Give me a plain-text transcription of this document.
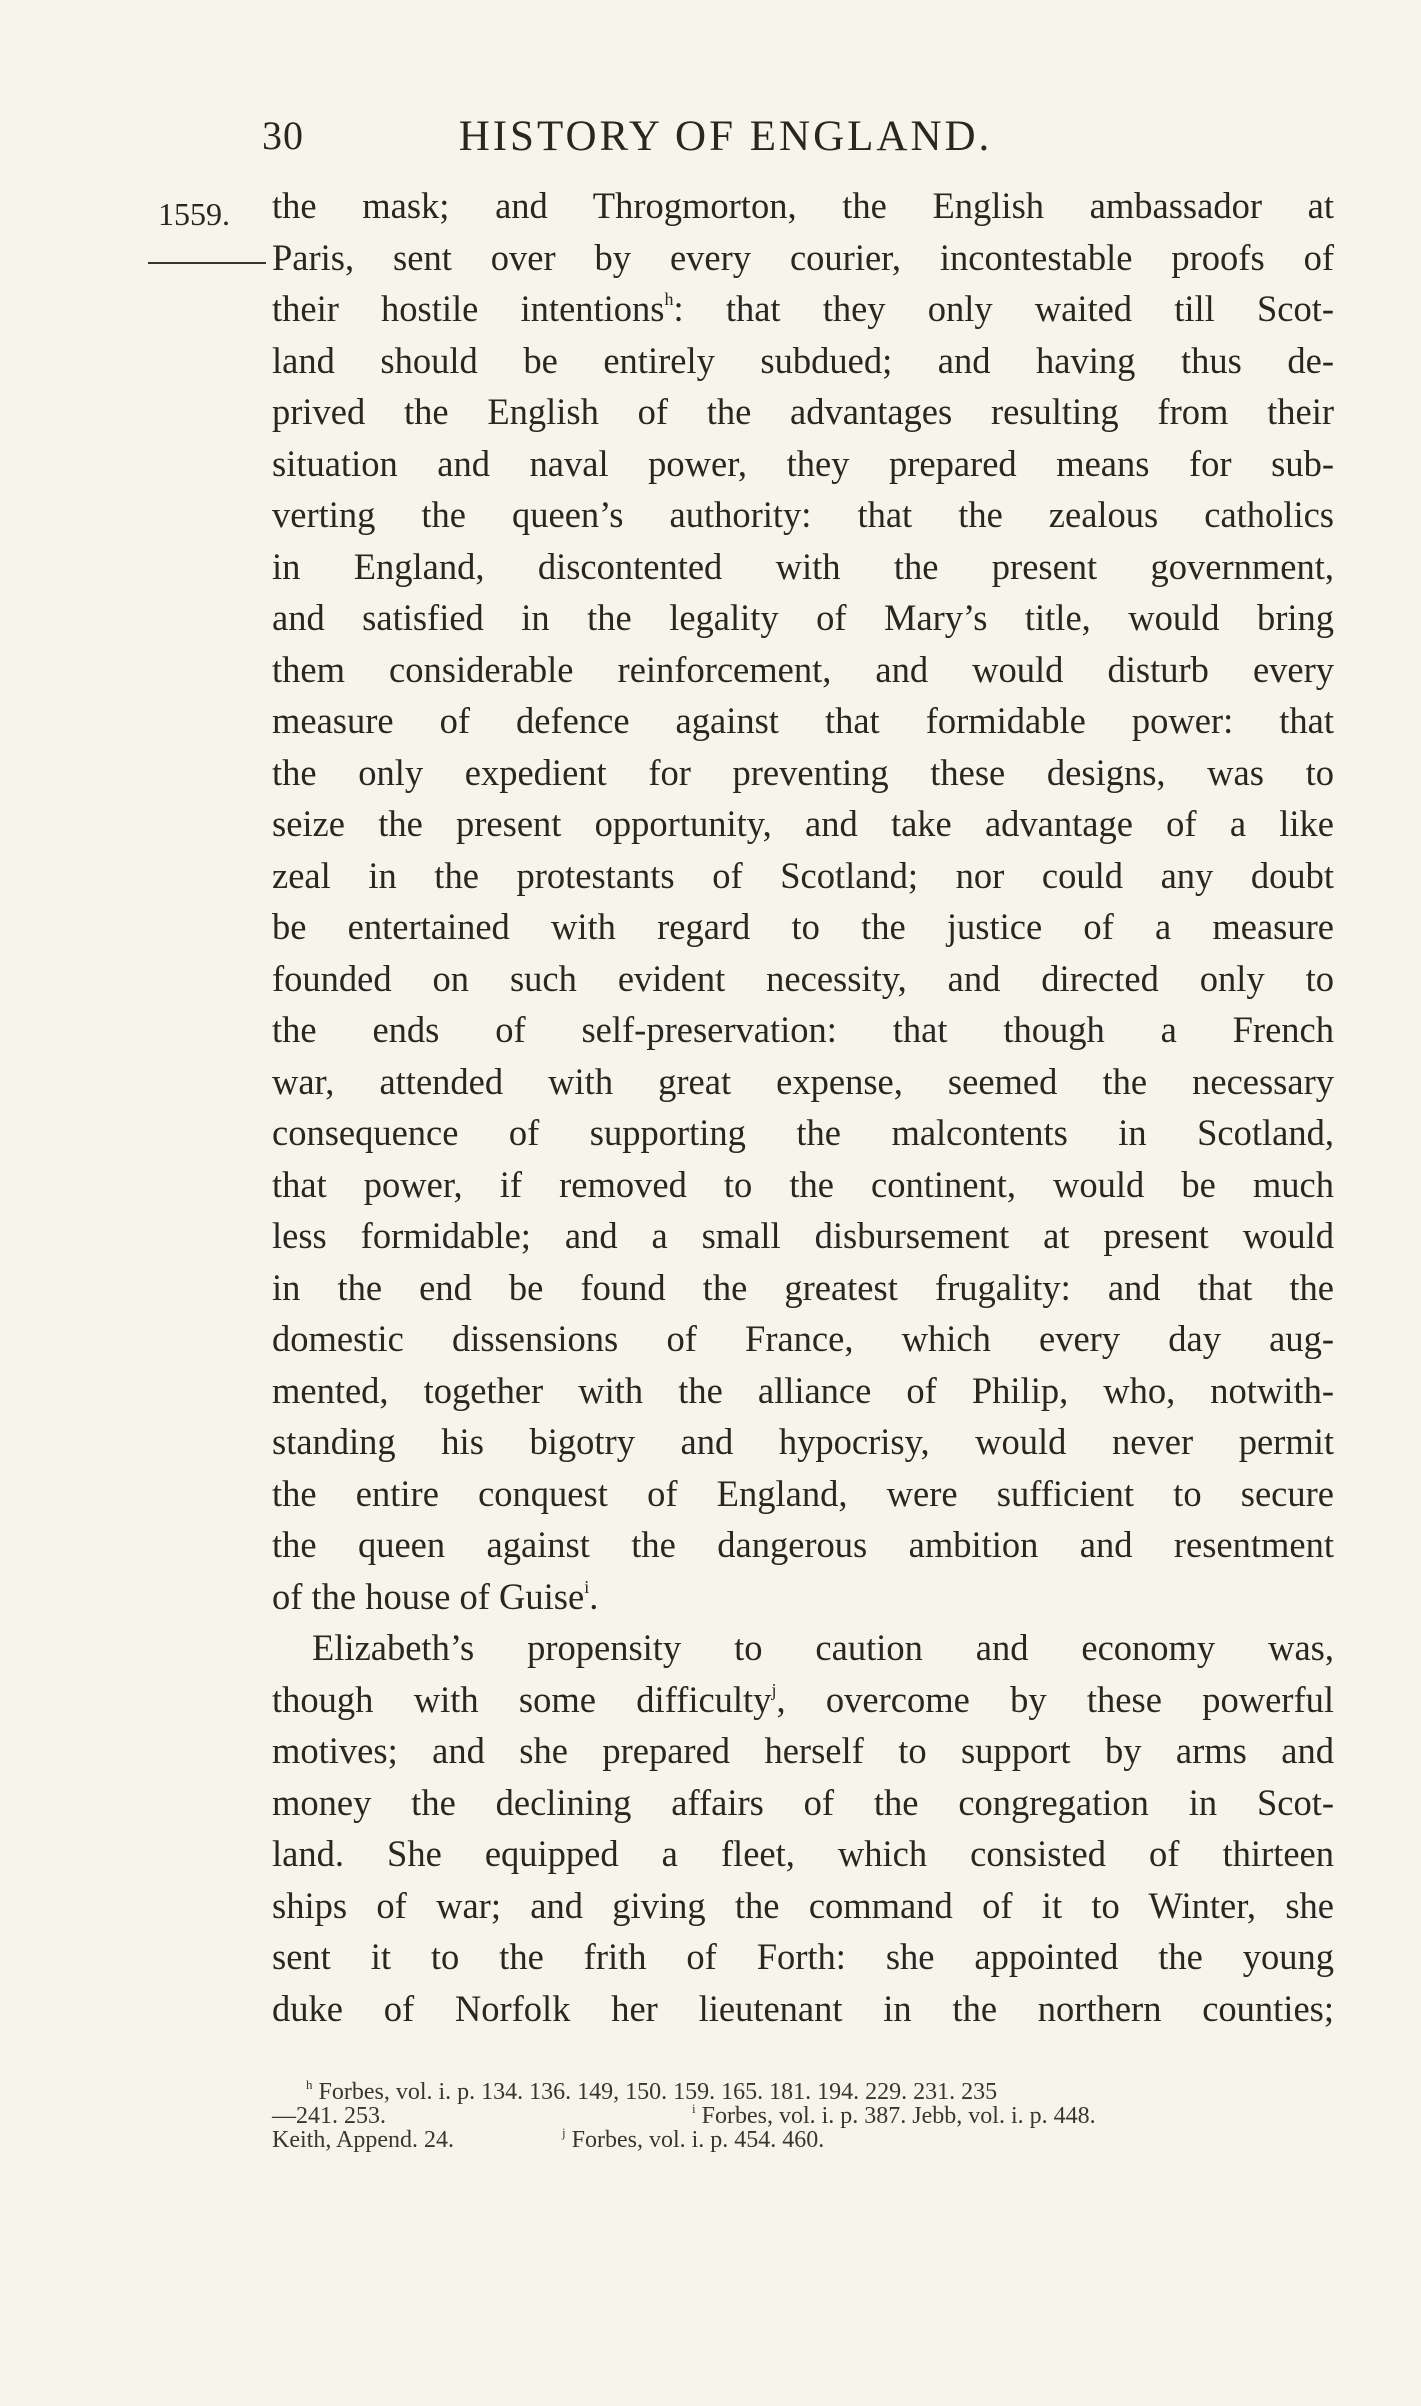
30	HISTORY OF ENGLAND.
1559. the mask; and Throgmorton, the English ambassador at
Paris, sent over by every courier, incontestable proofs of
their hostile intentions$^h$: that they only waited till Scot-
land should be entirely subdued; and having thus de-
prived the English of the advantages resulting from their
situation and naval power, they prepared means for sub-
verting the queen’s authority: that the zealous catholics
in England, discontented with the present government,
and satisfied in the legality of Mary’s title, would bring
them considerable reinforcement, and would disturb every
measure of defence against that formidable power: that
the only expedient for preventing these designs, was to
seize the present opportunity, and take advantage of a like
zeal in the protestants of Scotland; nor could any doubt
be entertained with regard to the justice of a measure
founded on such evident necessity, and directed only to
the ends of self-preservation: that though a French
war, attended with great expense, seemed the necessary
consequence of supporting the malcontents in Scotland,
that power, if removed to the continent, would be much
less formidable; and a small disbursement at present would
in the end be found the greatest frugality: and that the
domestic dissensions of France, which every day aug-
mented, together with the alliance of Philip, who, notwith-
standing his bigotry and hypocrisy, would never permit
the entire conquest of England, were sufficient to secure
the queen against the dangerous ambition and resentment
of the house of Guise$^i$.
Elizabeth’s propensity to caution and economy was,
though with some difficulty$^j$, overcome by these powerful
motives; and she prepared herself to support by arms and
money the declining affairs of the congregation in Scot-
land. She equipped a fleet, which consisted of thirteen
ships of war; and giving the command of it to Winter, she
sent it to the frith of Forth: she appointed the young
duke of Norfolk her lieutenant in the northern counties;
$^h$ Forbes, vol. i. p. 134. 136. 149, 150. 159. 165. 181. 194. 229. 231. 235
—241. 253.	$^i$ Forbes, vol. i. p. 387. Jebb, vol. i. p. 448.
Keith, Append. 24.	$^j$ Forbes, vol. i. p. 454. 460.
